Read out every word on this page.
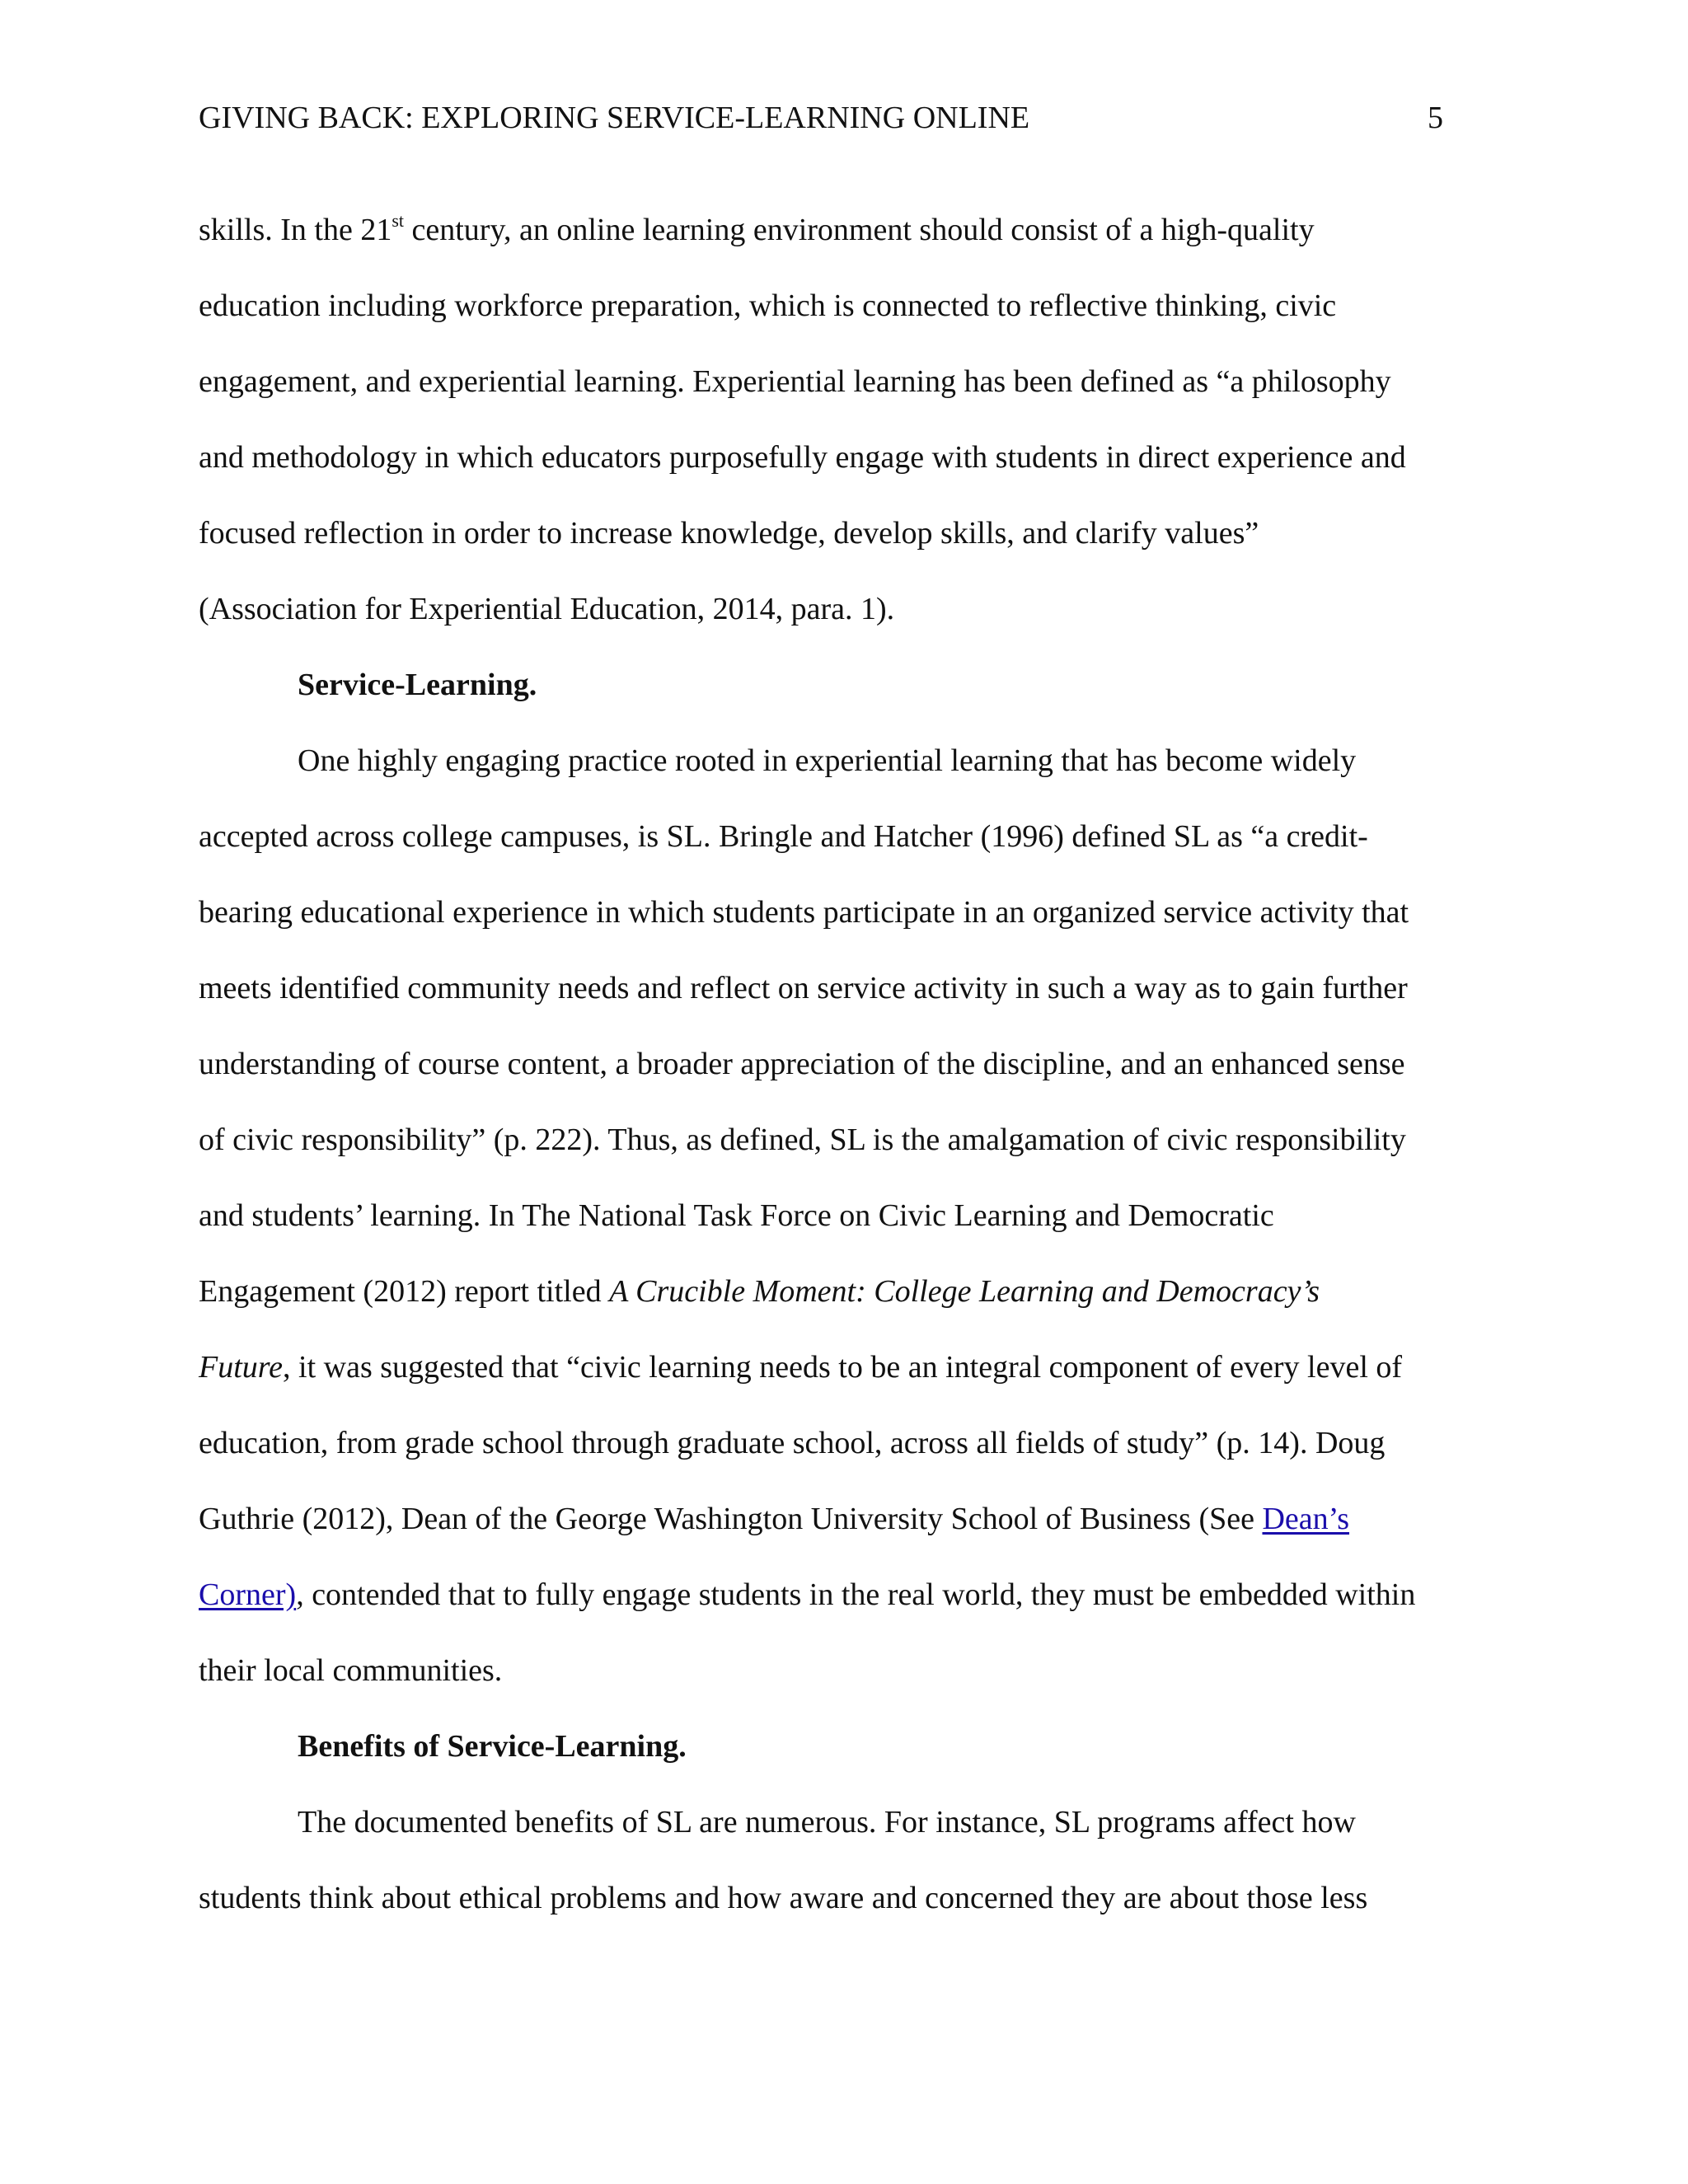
GIVING BACK: EXPLORING SERVICE-LEARNING ONLINE	5

skills. In the 21st century, an online learning environment should consist of a high-quality
education including workforce preparation, which is connected to reflective thinking, civic
engagement, and experiential learning. Experiential learning has been defined as “a philosophy
and methodology in which educators purposefully engage with students in direct experience and
focused reflection in order to increase knowledge, develop skills, and clarify values”
(Association for Experiential Education, 2014, para. 1).

Service-Learning.

One highly engaging practice rooted in experiential learning that has become widely
accepted across college campuses, is SL. Bringle and Hatcher (1996) defined SL as “a credit-
bearing educational experience in which students participate in an organized service activity that
meets identified community needs and reflect on service activity in such a way as to gain further
understanding of course content, a broader appreciation of the discipline, and an enhanced sense
of civic responsibility” (p. 222). Thus, as defined, SL is the amalgamation of civic responsibility
and students’ learning. In The National Task Force on Civic Learning and Democratic
Engagement (2012) report titled A Crucible Moment: College Learning and Democracy’s
Future, it was suggested that “civic learning needs to be an integral component of every level of
education, from grade school through graduate school, across all fields of study” (p. 14). Doug
Guthrie (2012), Dean of the George Washington University School of Business (See Dean’s
Corner), contended that to fully engage students in the real world, they must be embedded within
their local communities.

Benefits of Service-Learning.

The documented benefits of SL are numerous. For instance, SL programs affect how
students think about ethical problems and how aware and concerned they are about those less
